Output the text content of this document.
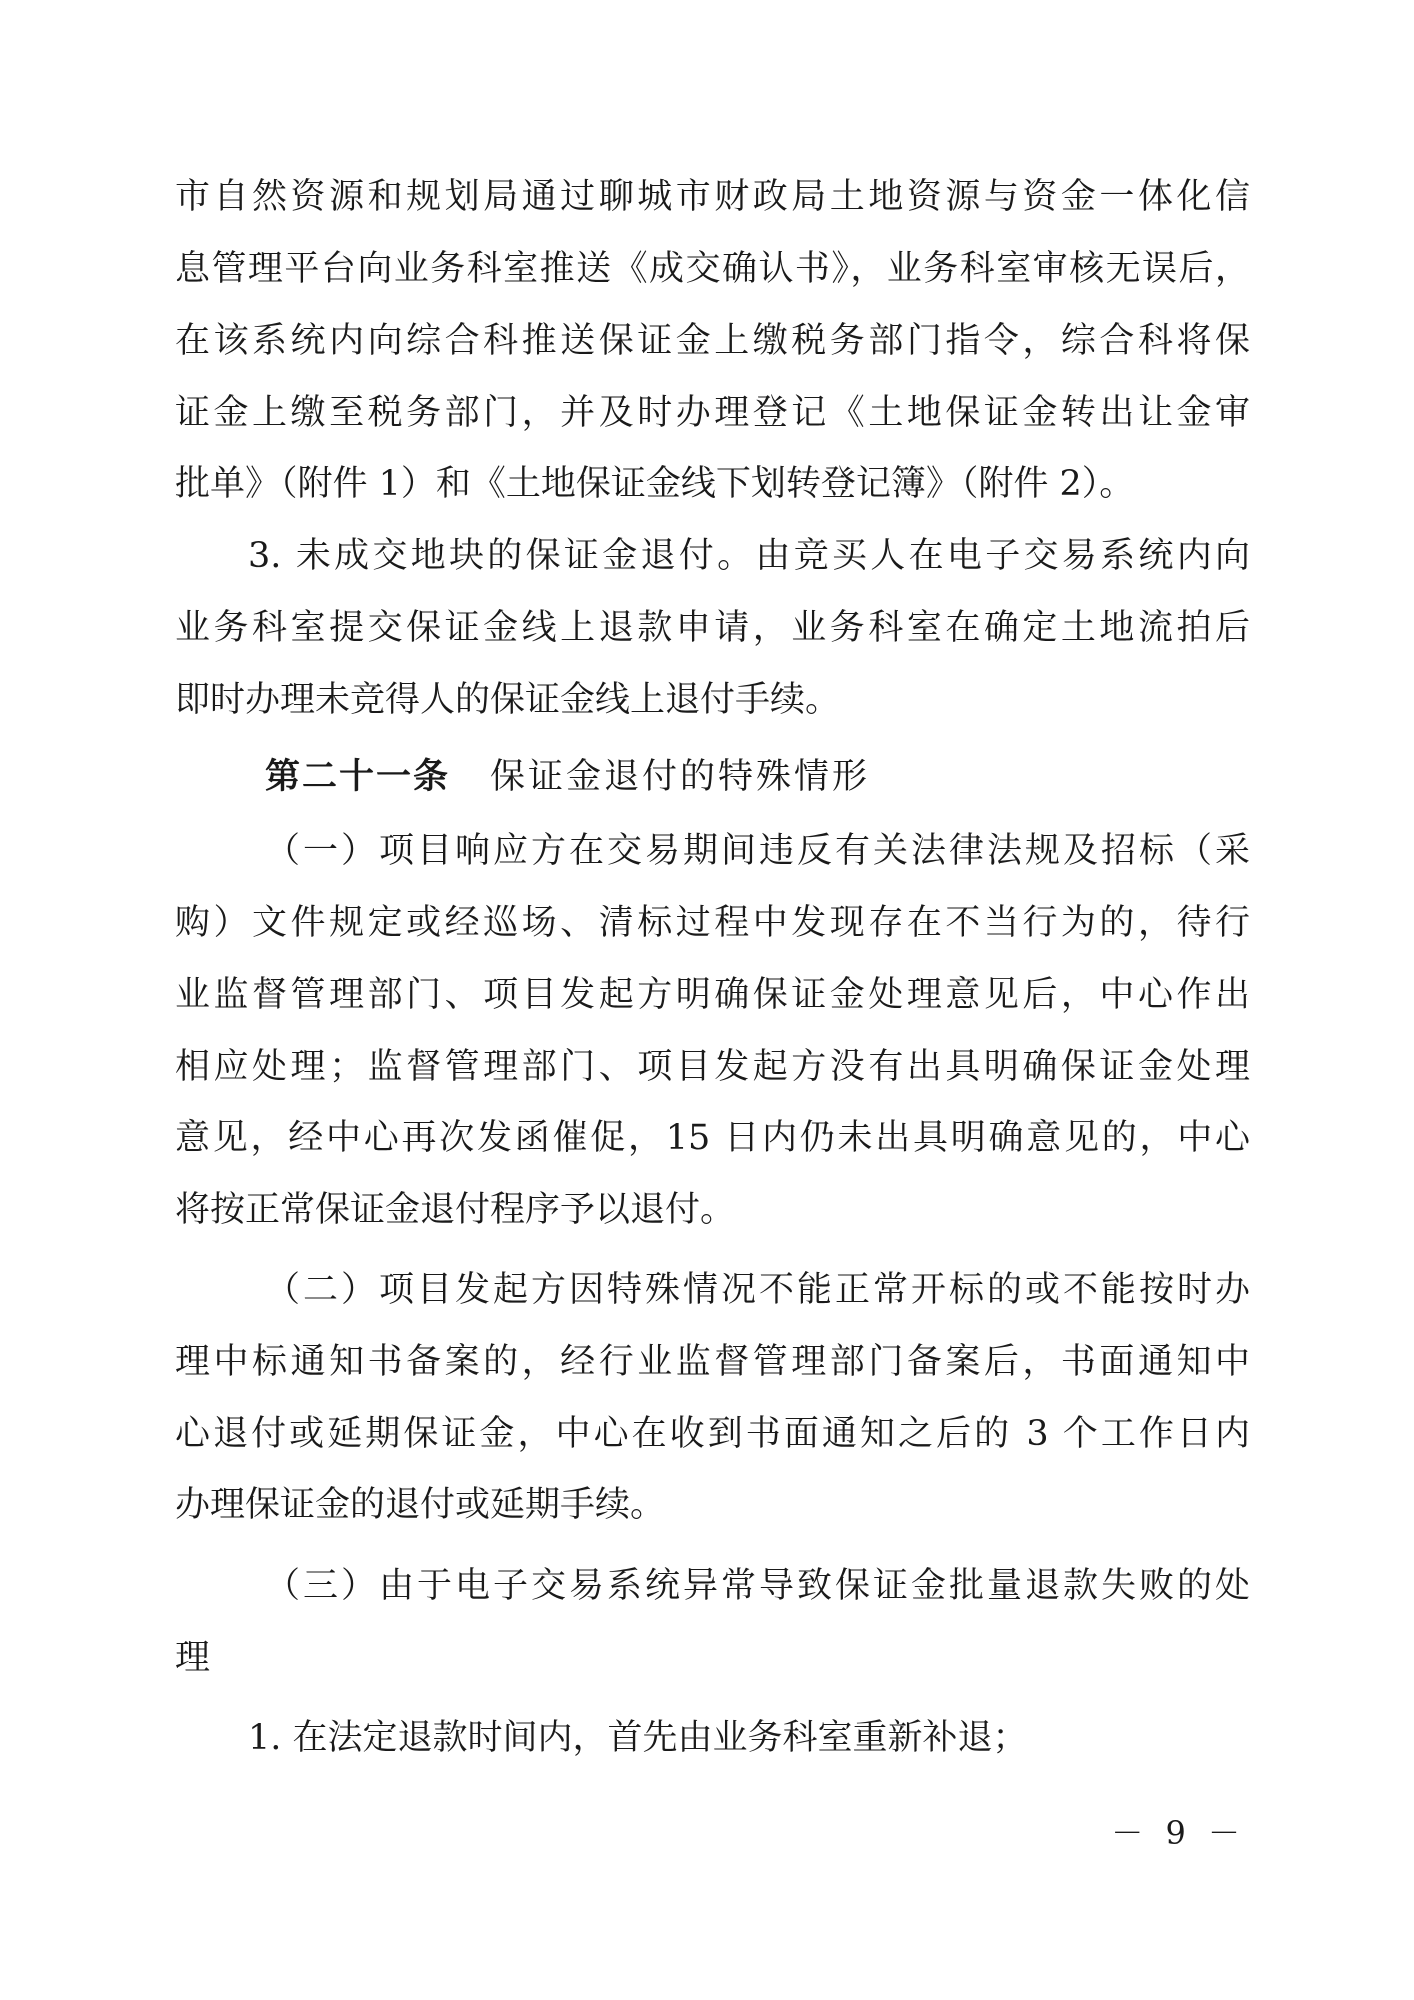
市自然资源和规划局通过聊城市财政局土地资源与资金一体化信
息管理平台向业务科室推送《成交确认书》，业务科室审核无误后，
在该系统内向综合科推送保证金上缴税务部门指令，综合科将保
证金上缴至税务部门，并及时办理登记《土地保证金转出让金审
批单》（附件 1）和《土地保证金线下划转登记簿》（附件 2）。
3. 未成交地块的保证金退付。由竞买人在电子交易系统内向
业务科室提交保证金线上退款申请，业务科室在确定土地流拍后
即时办理未竞得人的保证金线上退付手续。
第二十一条 保证金退付的特殊情形
（一）项目响应方在交易期间违反有关法律法规及招标（采
购）文件规定或经巡场、清标过程中发现存在不当行为的，待行
业监督管理部门、项目发起方明确保证金处理意见后，中心作出
相应处理；监督管理部门、项目发起方没有出具明确保证金处理
意见，经中心再次发函催促，15 日内仍未出具明确意见的，中心
将按正常保证金退付程序予以退付。
（二）项目发起方因特殊情况不能正常开标的或不能按时办
理中标通知书备案的，经行业监督管理部门备案后，书面通知中
心退付或延期保证金，中心在收到书面通知之后的 3 个工作日内
办理保证金的退付或延期手续。
（三）由于电子交易系统异常导致保证金批量退款失败的处
理
1. 在法定退款时间内，首先由业务科室重新补退；
－ 9 －
